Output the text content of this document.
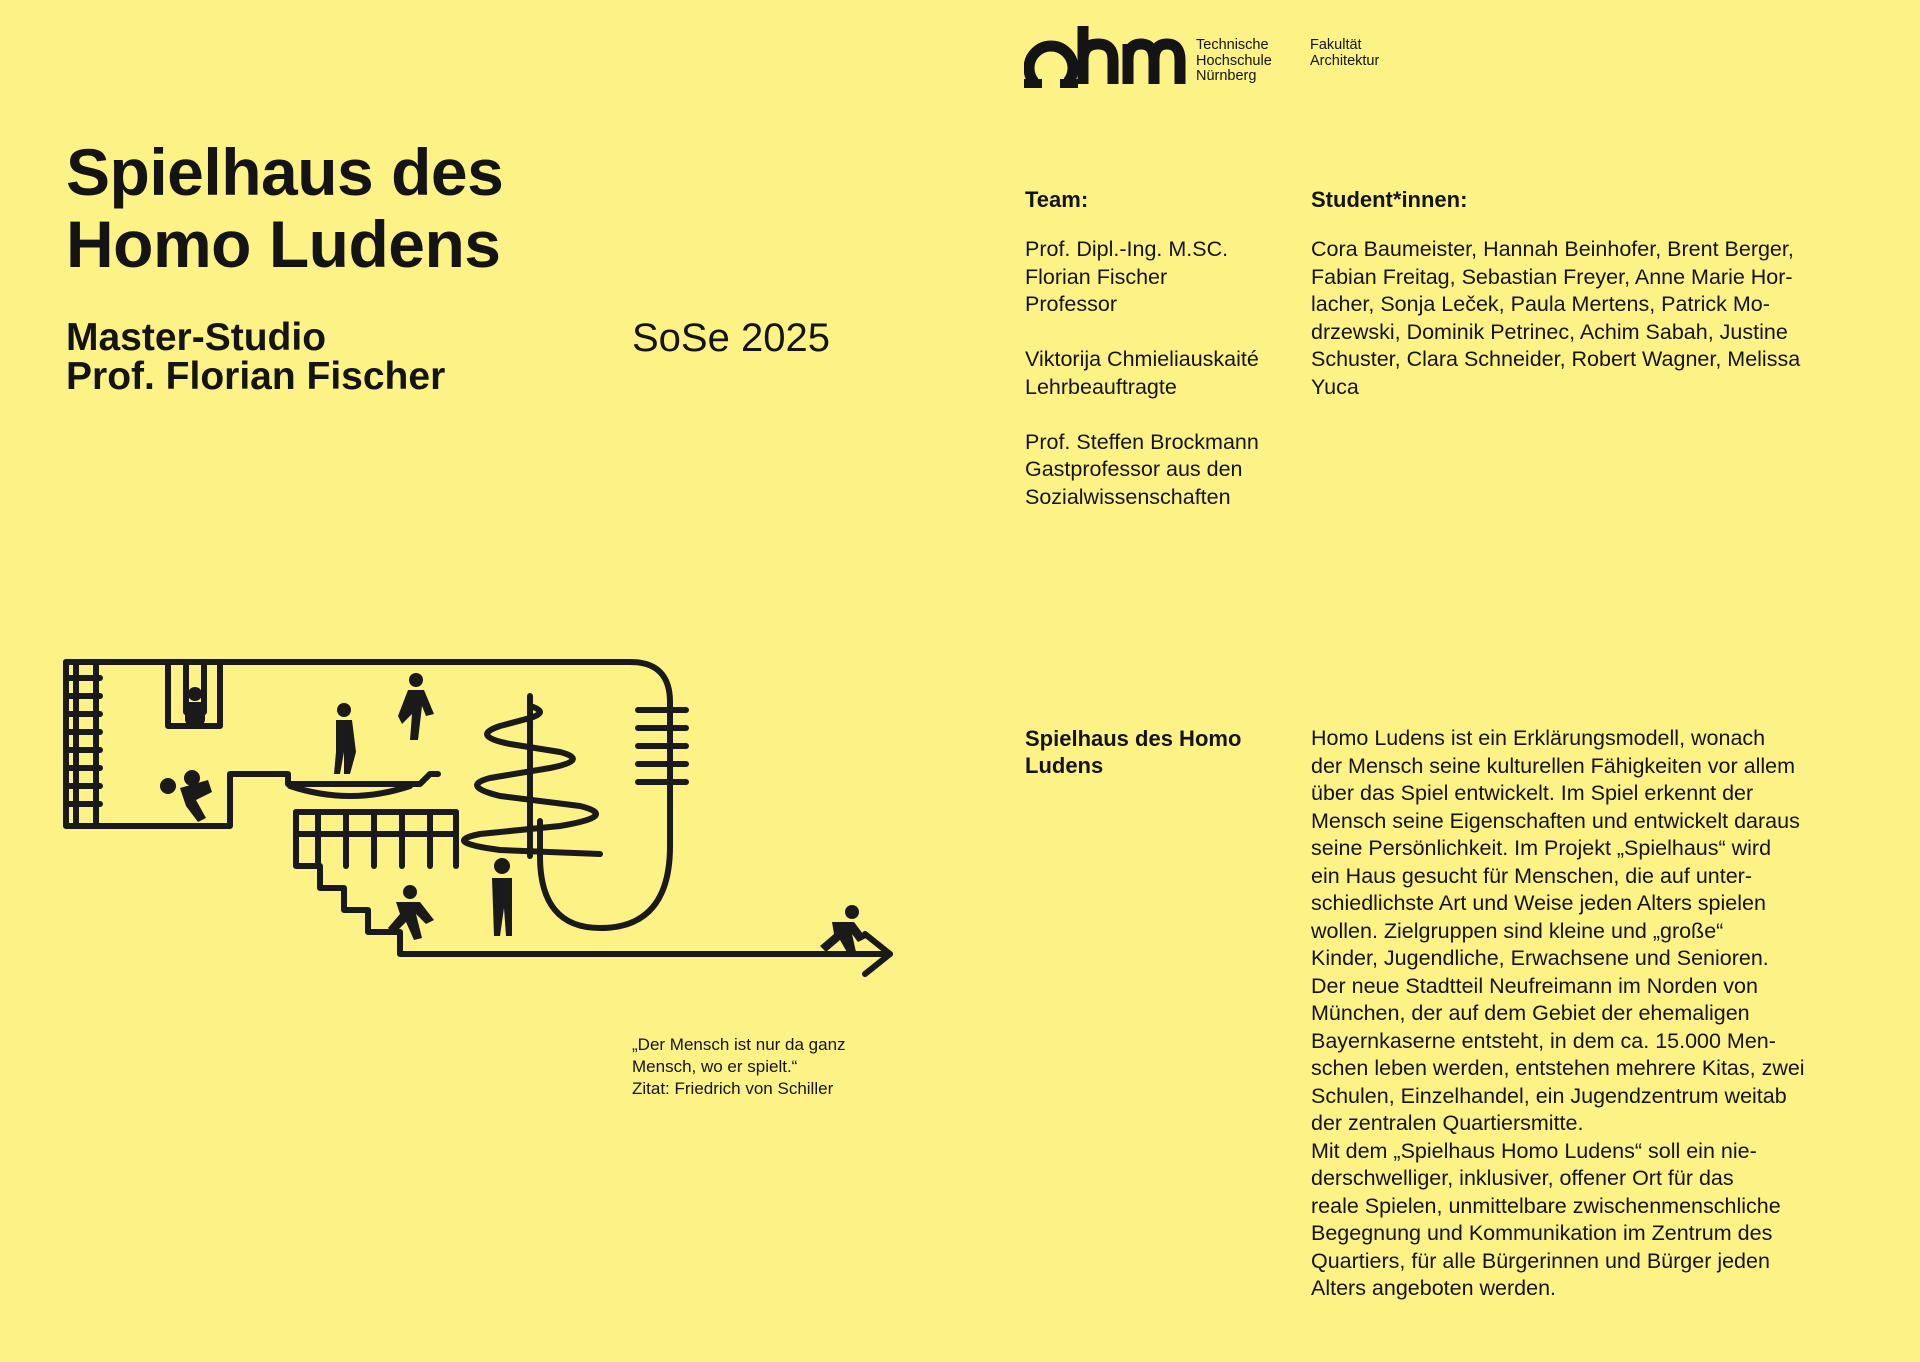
Spielhaus des
Homo Ludens
Master-Studio
Prof. Florian Fischer
SoSe 2025
Technische
Hochschule
Nürnberg
Fakultät
Architektur
Team:
Prof. Dipl.-Ing. M.SC.
Florian Fischer
Professor
Viktorija Chmieliauskaité
Lehrbeauftragte
Prof. Steffen Brockmann
Gastprofessor aus den
Sozialwissenschaften
Student*innen:
Cora Baumeister, Hannah Beinhofer, Brent Berger,
Fabian Freitag, Sebastian Freyer, Anne Marie Hor-
lacher, Sonja Leček, Paula Mertens, Patrick Mo-
drzewski, Dominik Petrinec, Achim Sabah, Justine
Schuster, Clara Schneider, Robert Wagner, Melissa
Yuca
Spielhaus des Homo
Ludens
Homo Ludens ist ein Erklärungsmodell, wonach
der Mensch seine kulturellen Fähigkeiten vor allem
über das Spiel entwickelt. Im Spiel erkennt der
Mensch seine Eigenschaften und entwickelt daraus
seine Persönlichkeit. Im Projekt „Spielhaus“ wird
ein Haus gesucht für Menschen, die auf unter-
schiedlichste Art und Weise jeden Alters spielen
wollen. Zielgruppen sind kleine und „große“
Kinder, Jugendliche, Erwachsene und Senioren.
Der neue Stadtteil Neufreimann im Norden von
München, der auf dem Gebiet der ehemaligen
Bayernkaserne entsteht, in dem ca. 15.000 Men-
schen leben werden, entstehen mehrere Kitas, zwei
Schulen, Einzelhandel, ein Jugendzentrum weitab
der zentralen Quartiersmitte.
Mit dem „Spielhaus Homo Ludens“ soll ein nie-
derschwelliger, inklusiver, offener Ort für das
reale Spielen, unmittelbare zwischenmenschliche
Begegnung und Kommunikation im Zentrum des
Quartiers, für alle Bürgerinnen und Bürger jeden
Alters angeboten werden.
„Der Mensch ist nur da ganz
Mensch, wo er spielt.“
Zitat: Friedrich von Schiller
